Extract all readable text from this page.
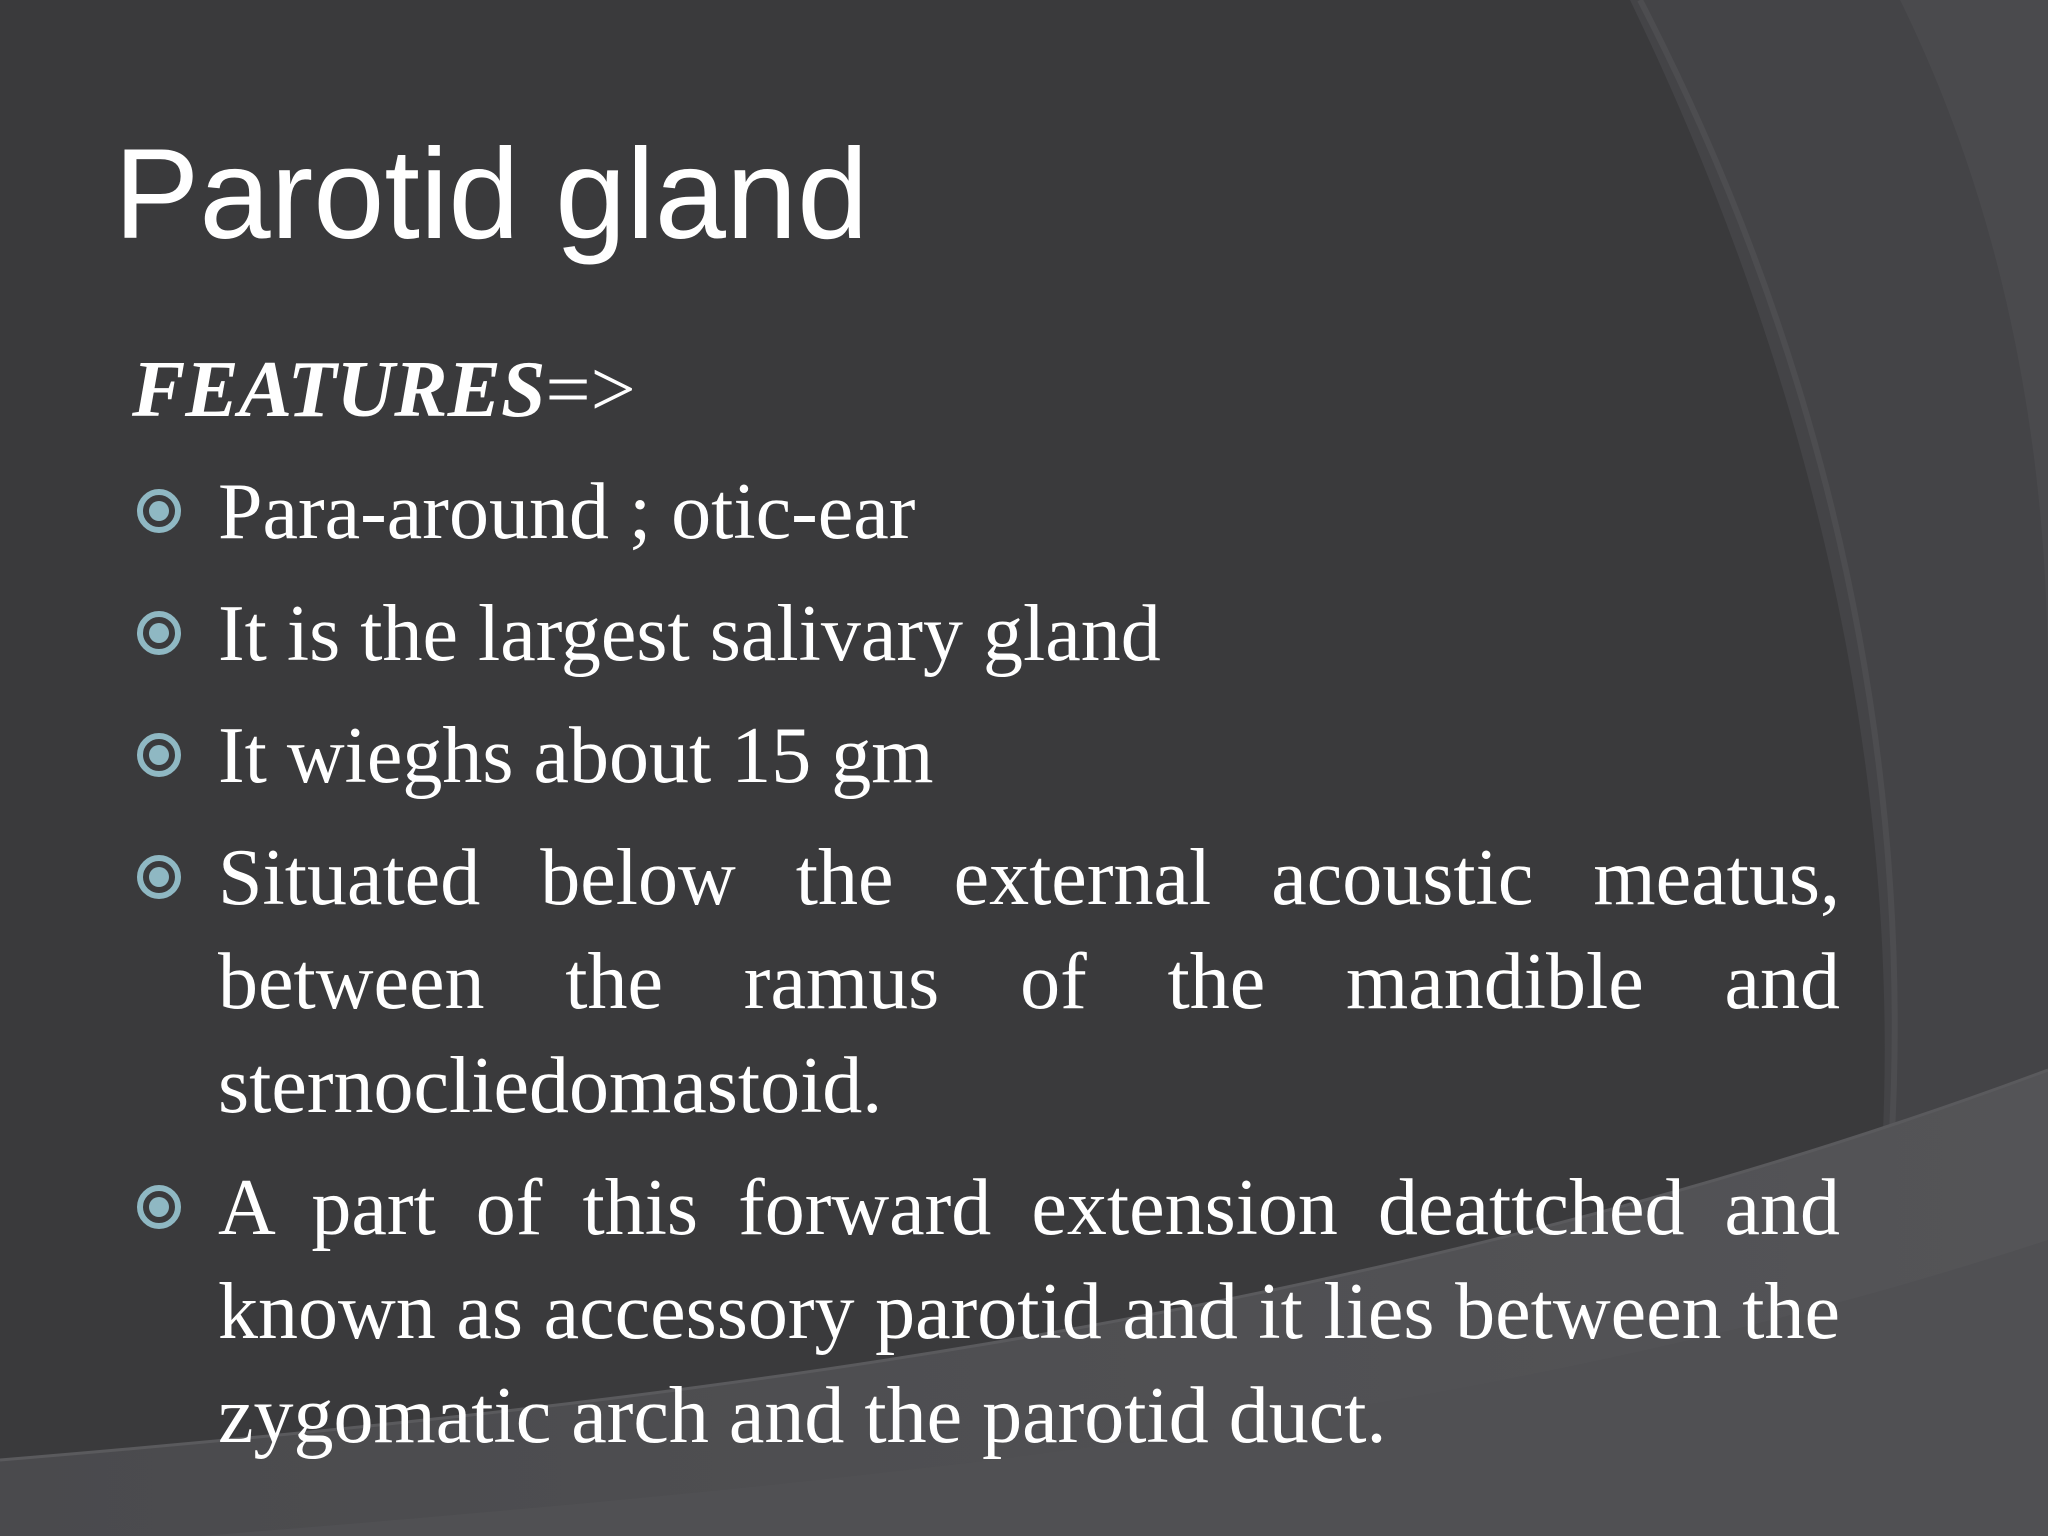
Parotid gland
FEATURES=>
Para-around ; otic-ear
It is the largest salivary gland
It wieghs about 15 gm
Situated below the external acoustic meatus, between the ramus of the mandible and sternocliedomastoid.
A part of this forward extension deattched and known as accessory parotid and it lies between the zygomatic arch and the parotid duct.
